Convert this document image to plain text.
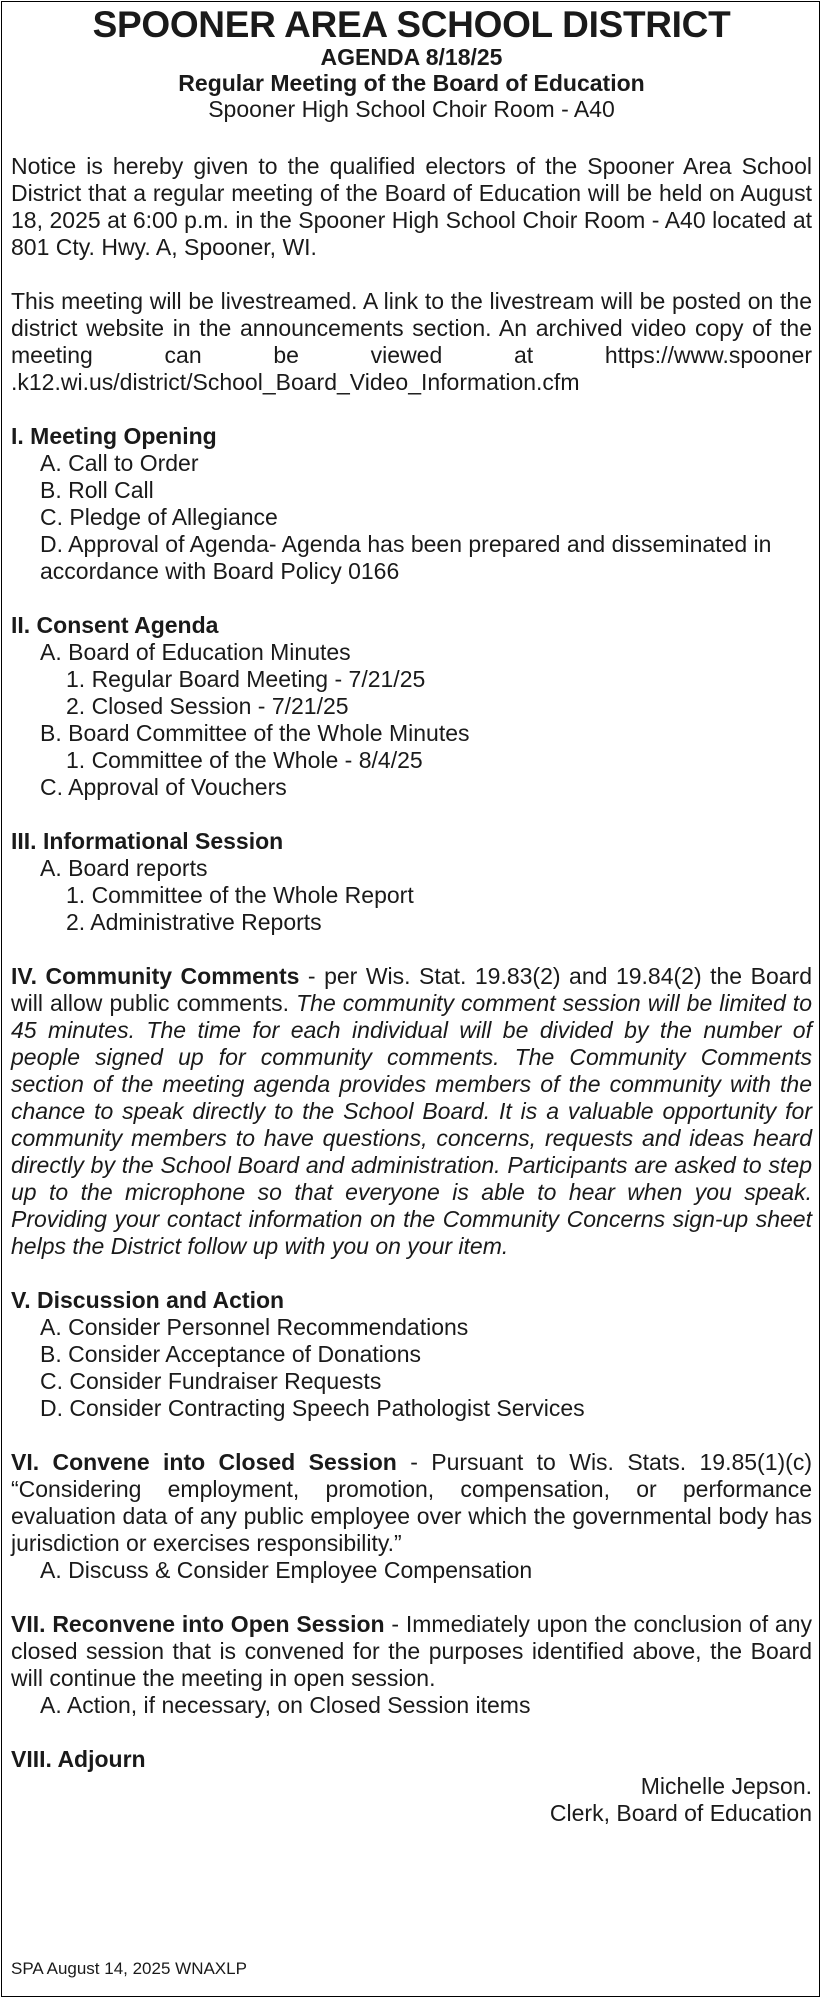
SPOONER AREA SCHOOL DISTRICT
AGENDA 8/18/25
Regular Meeting of the Board of Education
Spooner High School Choir Room - A40

Notice is hereby given to the qualified electors of the Spooner Area School District that a regular meeting of the Board of Education will be held on August 18, 2025 at 6:00 p.m. in the Spooner High School Choir Room - A40 located at 801 Cty. Hwy. A, Spooner, WI.

This meeting will be livestreamed. A link to the livestream will be posted on the district website in the announcements section. An archived video copy of the meeting can be viewed at https://www.spooner .k12.wi.us/district/School_Board_Video_Information.cfm

I. Meeting Opening
A. Call to Order
B. Roll Call
C. Pledge of Allegiance
D. Approval of Agenda- Agenda has been prepared and disseminated in accordance with Board Policy 0166
II. Consent Agenda
A. Board of Education Minutes
1. Regular Board Meeting - 7/21/25
2. Closed Session - 7/21/25
B. Board Committee of the Whole Minutes
1. Committee of the Whole - 8/4/25
C. Approval of Vouchers
III. Informational Session
A. Board reports
1. Committee of the Whole Report
2. Administrative Reports

IV. Community Comments - per Wis. Stat. 19.83(2) and 19.84(2) the Board will allow public comments. The community comment session will be limited to 45 minutes. The time for each individual will be divided by the number of people signed up for community comments. The Community Comments section of the meeting agenda provides members of the community with the chance to speak directly to the School Board. It is a valuable opportunity for community members to have questions, concerns, requests and ideas heard directly by the School Board and administration. Participants are asked to step up to the microphone so that everyone is able to hear when you speak. Providing your contact information on the Community Concerns sign-up sheet helps the District follow up with you on your item.

V. Discussion and Action
A. Consider Personnel Recommendations
B. Consider Acceptance of Donations
C. Consider Fundraiser Requests
D. Consider Contracting Speech Pathologist Services

VI. Convene into Closed Session - Pursuant to Wis. Stats. 19.85(1)(c) “Considering employment, promotion, compensation, or performance evaluation data of any public employee over which the governmental body has jurisdiction or exercises responsibility.”

A. Discuss & Consider Employee Compensation

VII. Reconvene into Open Session - Immediately upon the conclusion of any closed session that is convened for the purposes identified above, the Board will continue the meeting in open session.

A. Action, if necessary, on Closed Session items
VIII. Adjourn
Michelle Jepson.
Clerk, Board of Education
SPA August 14, 2025 WNAXLP
